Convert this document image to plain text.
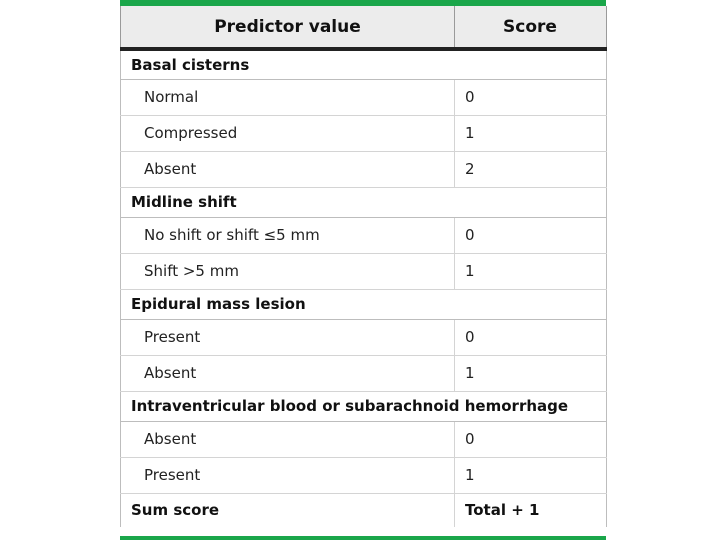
Predictor value	Score
Basal cisterns	
Normal	0
Compressed	1
Absent	2
Midline shift	
No shift or shift ≤5 mm	0
Shift >5 mm	1
Epidural mass lesion	
Present	0
Absent	1
Intraventricular blood or subarachnoid hemorrhage	
Absent	0
Present	1
Sum score	Total + 1
